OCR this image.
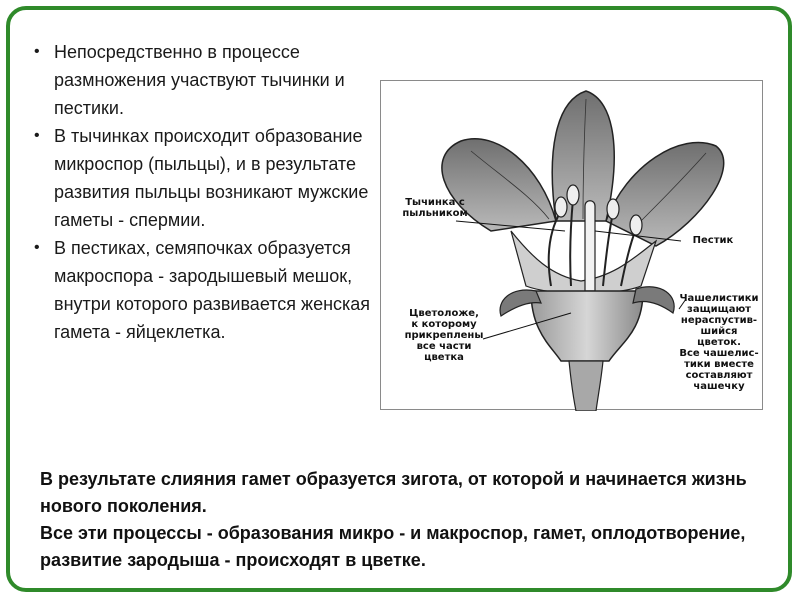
• Непосредственно в процессе размножения участвуют тычинки и пестики.
• В тычинках происходит образование микроспор (пыльцы), и в результате развития пыльцы возникают мужские гаметы - спермии.
• В пестиках, семяпочках образуется макроспора - зародышевый мешок, внутри которого развивается женская гамета - яйцеклетка.
Тычинка с
пыльником
Пестик
Цветоложе,
к которому
прикреплены
все части
цветка
Чашелистики
защищают
нераспустив-
шийся цветок.
Все чашелис-
тики вместе
составляют
чашечку

В результате слияния гамет образуется зигота, от которой и начинается жизнь нового поколения.

Все эти процессы - образования микро - и макроспор, гамет, оплодотворение, развитие зародыша - происходят в цветке.
